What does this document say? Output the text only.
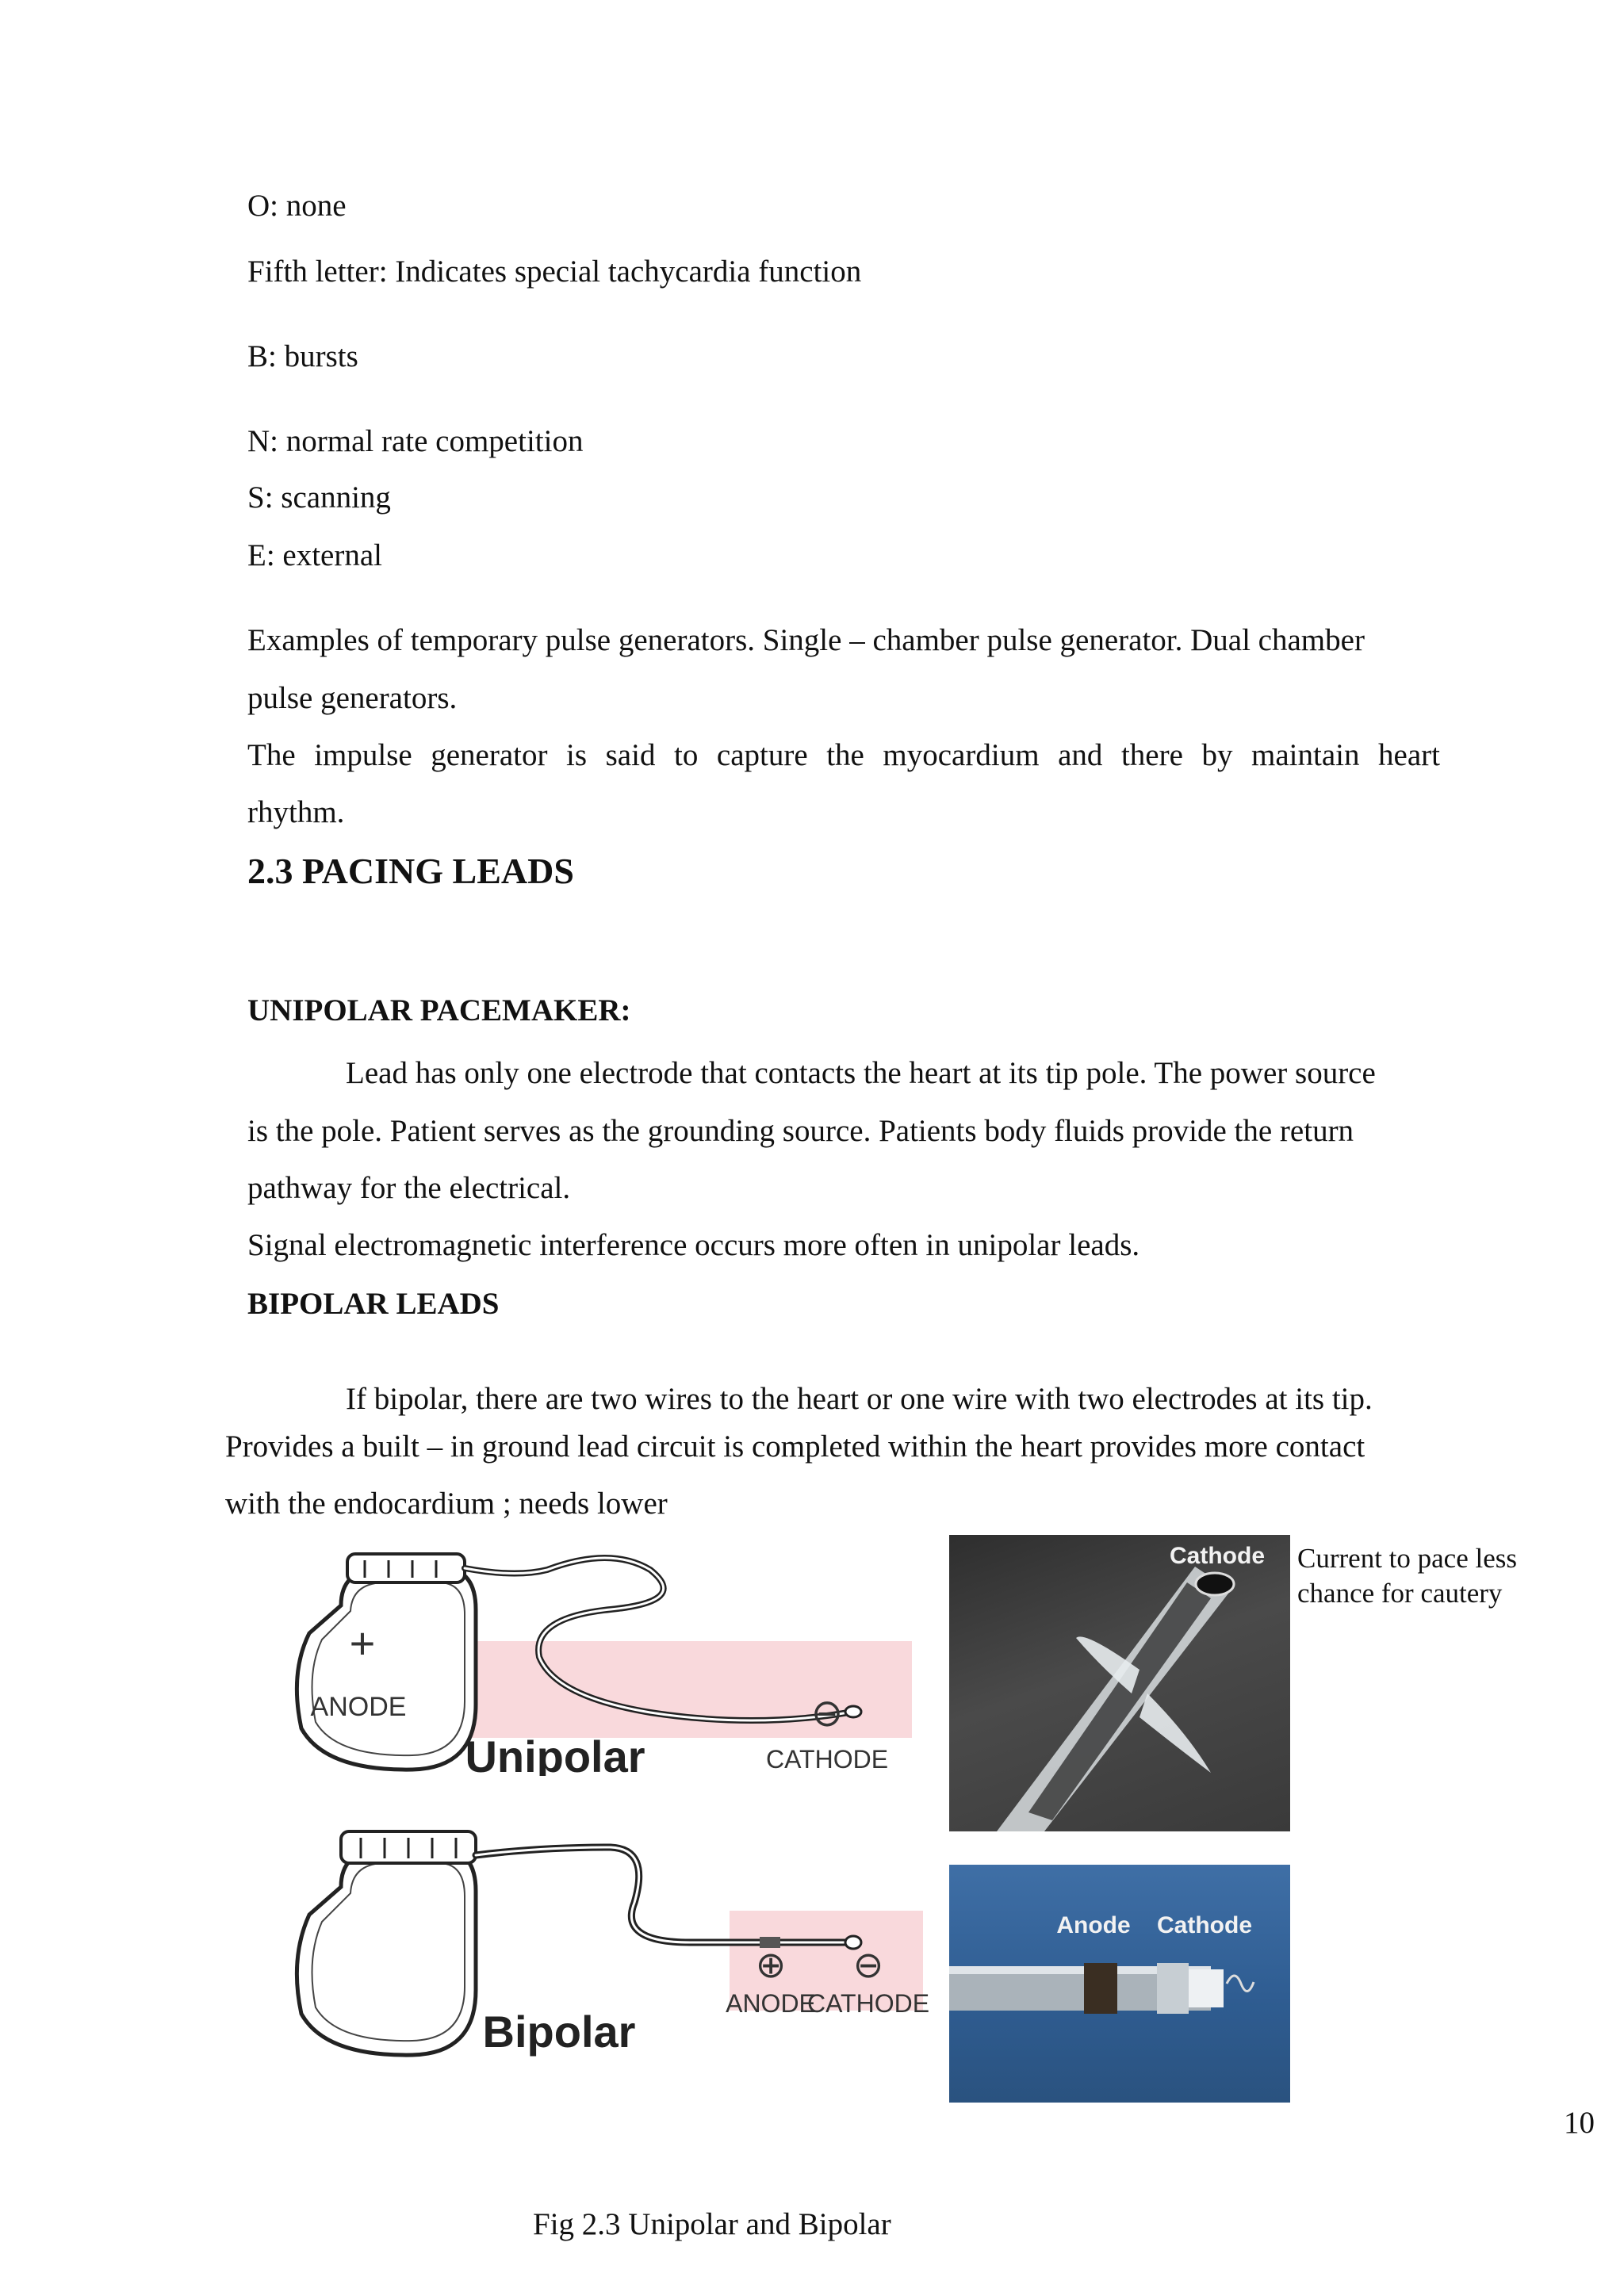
O: none
Fifth letter: Indicates special tachycardia function
B: bursts
N: normal rate competition
S: scanning
E: external
Examples of temporary pulse generators. Single – chamber pulse generator. Dual chamber
pulse generators.
The impulse generator is said to capture the myocardium and there by maintain heart
rhythm.
2.3 PACING LEADS
UNIPOLAR PACEMAKER:
Lead has only one electrode that contacts the heart at its tip pole. The power source
is the pole. Patient serves as the grounding source. Patients body fluids provide the return
pathway for the electrical.
Signal electromagnetic interference occurs more often in unipolar leads.
BIPOLAR LEADS
If bipolar, there are two wires to the heart or one wire with two electrodes at its tip.
Provides a built – in ground lead circuit is completed within the heart provides more contact
with the endocardium ; needs lower
Current to pace less
chance for cautery
+
ANODE
Unipolar
⊖
CATHODE
⊕
ANODE
⊖
CATHODE
Bipolar
Cathode
Anode Cathode
10
Fig 2.3 Unipolar and Bipolar
